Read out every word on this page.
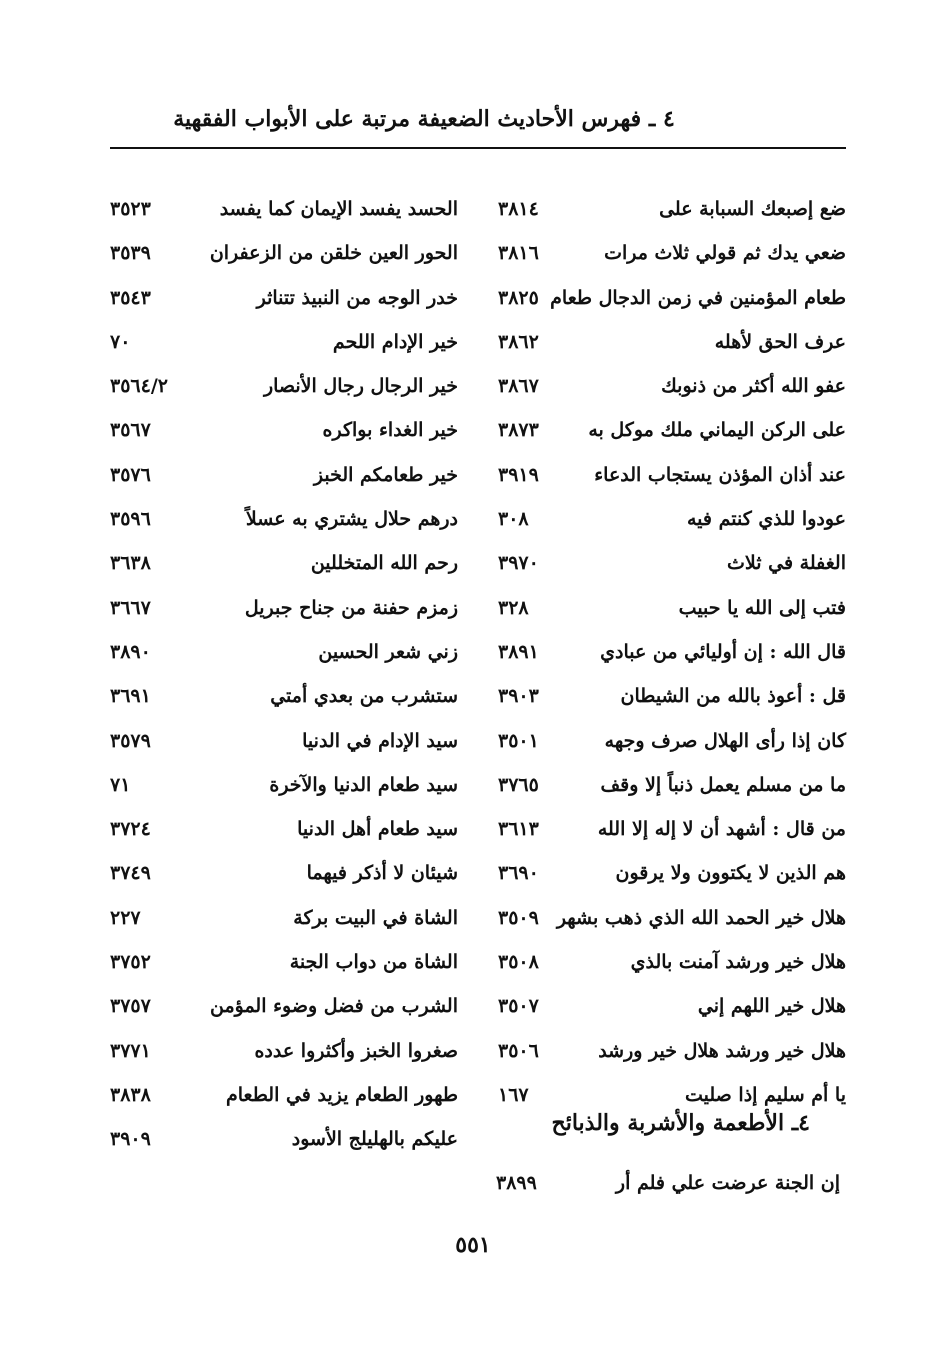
٤ ـ فهرس الأحاديث الضعيفة مرتبة على الأبواب الفقهية
ضع إصبعك السبابة على
٣٨١٤
ضعي يدك ثم قولي ثلاث مرات
٣٨١٦
طعام المؤمنين في زمن الدجال طعام
٣٨٢٥
عرف الحق لأهله
٣٨٦٢
عفو الله أكثر من ذنوبك
٣٨٦٧
على الركن اليماني ملك موكل به
٣٨٧٣
عند أذان المؤذن يستجاب الدعاء
٣٩١٩
عودوا للذي كنتم فيه
٣٠٨
الغفلة في ثلاث
٣٩٧٠
فتب إلى الله يا حبيب
٣٢٨
قال الله : إن أوليائي من عبادي
٣٨٩١
قل : أعوذ بالله من الشيطان
٣٩٠٣
كان إذا رأى الهلال صرف وجهه
٣٥٠١
ما من مسلم يعمل ذنباً إلا وقف
٣٧٦٥
من قال : أشهد أن لا إله إلا الله
٣٦١٣
هم الذين لا يكتوون ولا يرقون
٣٦٩٠
هلال خير الحمد الله الذي ذهب بشهر
٣٥٠٩
هلال خير ورشد آمنت بالذي
٣٥٠٨
هلال خير اللهم إني
٣٥٠٧
هلال خير ورشد هلال خير ورشد
٣٥٠٦
يا أم سليم إذا صليت
١٦٧
الحسد يفسد الإيمان كما يفسد
٣٥٢٣
الحور العين خلقن من الزعفران
٣٥٣٩
خدر الوجه من النبيذ تتناثر
٣٥٤٣
خير الإدام اللحم
٧٠
خير الرجال رجال الأنصار
٣٥٦٤/٢
خير الغداء بواكره
٣٥٦٧
خير طعامكم الخبز
٣٥٧٦
درهم حلال يشتري به عسلاً
٣٥٩٦
رحم الله المتخللين
٣٦٣٨
زمزم حفنة من جناح جبريل
٣٦٦٧
زني شعر الحسين
٣٨٩٠
ستشرب من بعدي أمتي
٣٦٩١
سيد الإدام في الدنيا
٣٥٧٩
سيد طعام الدنيا والآخرة
٧١
سيد طعام أهل الدنيا
٣٧٢٤
شيئان لا أذكر فيهما
٣٧٤٩
الشاة في البيت بركة
٢٢٧
الشاة من دواب الجنة
٣٧٥٢
الشرب من فضل وضوء المؤمن
٣٧٥٧
صغروا الخبز وأكثروا عدده
٣٧٧١
طهور الطعام يزيد في الطعام
٣٨٣٨
عليكم بالهليلج الأسود
٣٩٠٩
٤ـ الأطعمة والأشربة والذبائح
إن الجنة عرضت علي فلم أر
٣٨٩٩
٥٥١
